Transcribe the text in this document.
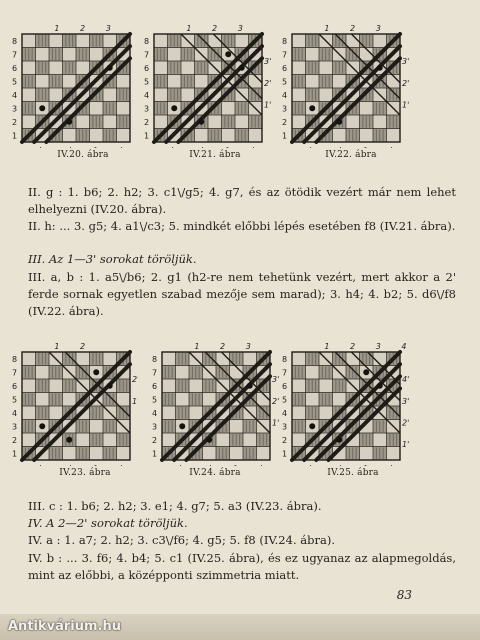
8
7
6
5
4
3
2
1
1	2	3
IV.20. ábra
8
7
6
5
4
3
2
1
1	2	3
3'
2'
1'
IV.21. ábra
8
7
6
5
4
3
2
1
1	2	3
3'
2'
1'
IV.22. ábra
II. g : 1. b6; 2. h2; 3. c1\/g5; 4. g7, és az ötödik vezért már nem lehet elhelyezni (IV.20. ábra).
II. h: ... 3. g5; 4. a1\/c3; 5. mindkét előbbi lépés esetében f8 (IV.21. ábra).
III. Az 1—3' sorokat töröljük.
III. a, b : 1. a5\/b6; 2. g1 (h2-re nem tehetünk vezért, mert akkor a 2' ferde sornak egyetlen szabad mezője sem marad); 3. h4; 4. b2; 5. d6\/f8 (IV.22. ábra).
8
7
6
5
4
3
2
1
1	2
2
1
IV.23. ábra
8
7
6
5
4
3
2
1
1	2	3
3'
2'
1'
IV.24. ábra
8
7
6
5
4
3
2
1
1	2	3	4
4'
3'
2'
1'
IV.25. ábra
III. c : 1. b6; 2. h2; 3. e1; 4. g7; 5. a3 (IV.23. ábra).
IV. A 2—2' sorokat töröljük.
IV. a : 1. a7; 2. h2; 3. c3\/f6; 4. g5; 5. f8 (IV.24. ábra).
IV. b : ... 3. f6; 4. b4; 5. c1 (IV.25. ábra), és ez ugyanaz az alapmegoldás, mint az előbbi, a középponti szimmetria miatt.
83
Antikvárium.hu
